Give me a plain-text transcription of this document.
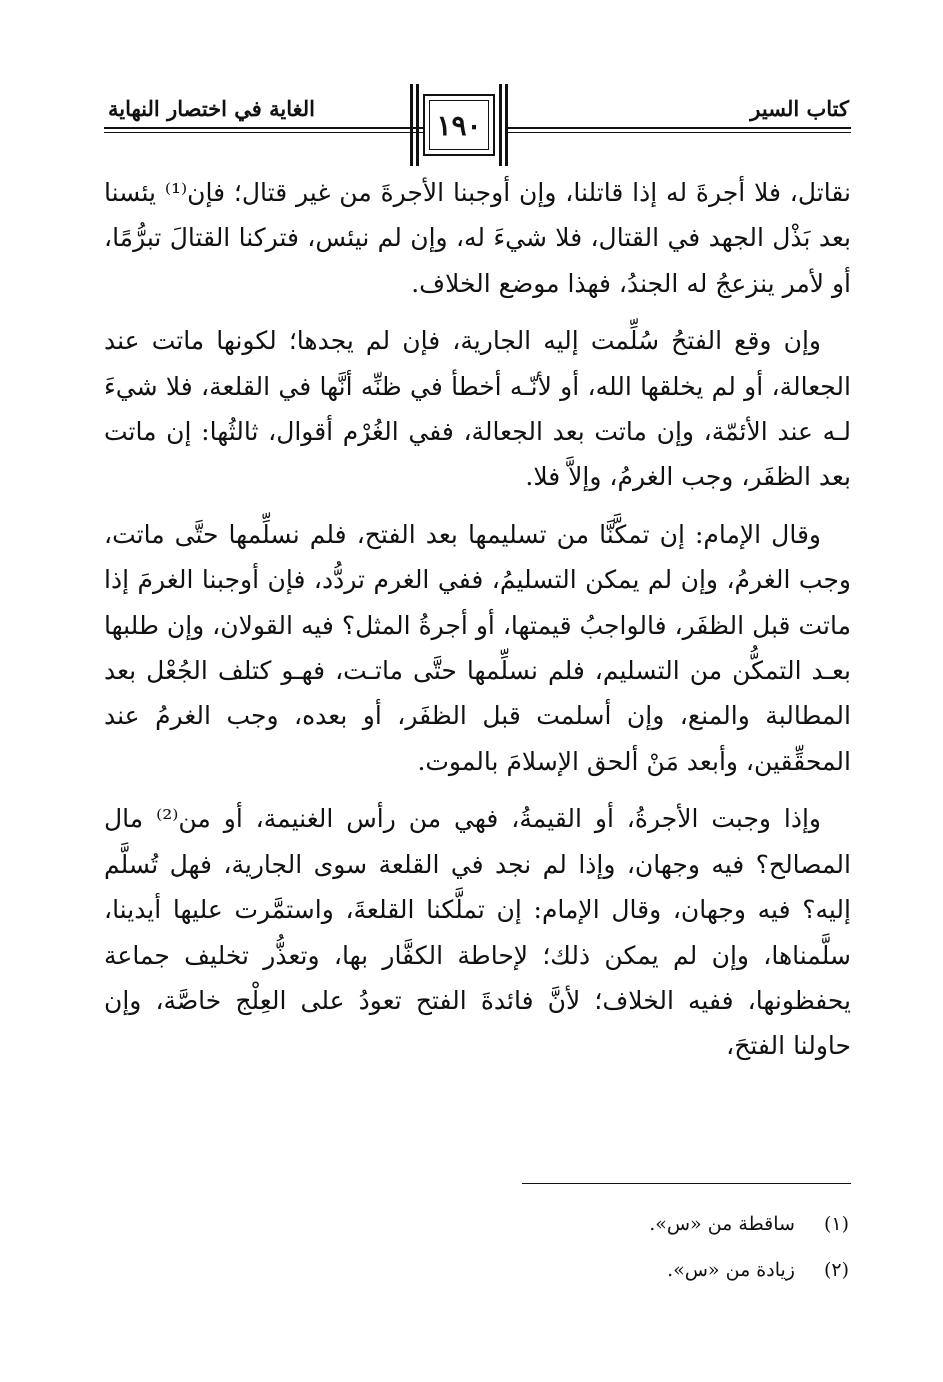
كتاب السير
الغاية في اختصار النهاية
١٩٠

نقاتل، فلا أجرةَ له إذا قاتلنا، وإن أوجبنا الأجرةَ من غير قتال؛ فإن⁽¹⁾ يئسنا بعد بَذْل الجهد في القتال، فلا شيءَ له، وإن لم نيئس، فتركنا القتالَ تبرُّمًا، أو لأمر ينزعجُ له الجندُ، فهذا موضع الخلاف.

وإن وقع الفتحُ سُلِّمت إليه الجارية، فإن لم يجدها؛ لكونها ماتت عند الجعالة، أو لم يخلقها الله، أو لأنّـه أخطأ في ظنِّه أنَّها في القلعة، فلا شيءَ لـه عند الأئمّة، وإن ماتت بعد الجعالة، ففي الغُرْم أقوال، ثالثُها: إن ماتت بعد الظفَر، وجب الغرمُ، وإلاَّ فلا.

وقال الإمام: إن تمكَّنَّا من تسليمها بعد الفتح، فلم نسلِّمها حتَّى ماتت، وجب الغرمُ، وإن لم يمكن التسليمُ، ففي الغرم تردُّد، فإن أوجبنا الغرمَ إذا ماتت قبل الظفَر، فالواجبُ قيمتها، أو أجرةُ المثل؟ فيه القولان، وإن طلبها بعـد التمكُّن من التسليم، فلم نسلِّمها حتَّى ماتـت، فهـو كتلف الجُعْل بعد المطالبة والمنع، وإن أسلمت قبل الظفَر، أو بعده، وجب الغرمُ عند المحقِّقين، وأبعد مَنْ ألحق الإسلامَ بالموت.

وإذا وجبت الأجرةُ، أو القيمةُ، فهي من رأس الغنيمة، أو من⁽²⁾ مال المصالح؟ فيه وجهان، وإذا لم نجد في القلعة سوى الجارية، فهل تُسلَّم إليه؟ فيه وجهان، وقال الإمام: إن تملَّكنا القلعةَ، واستمَّرت عليها أيدينا، سلَّمناها، وإن لم يمكن ذلك؛ لإحاطة الكفَّار بها، وتعذُّر تخليف جماعة يحفظونها، ففيه الخلاف؛ لأنَّ فائدةَ الفتح تعودُ على العِلْج خاصَّة، وإن حاولنا الفتحَ،

(١) ساقطة من «س».
(٢) زيادة من «س».
